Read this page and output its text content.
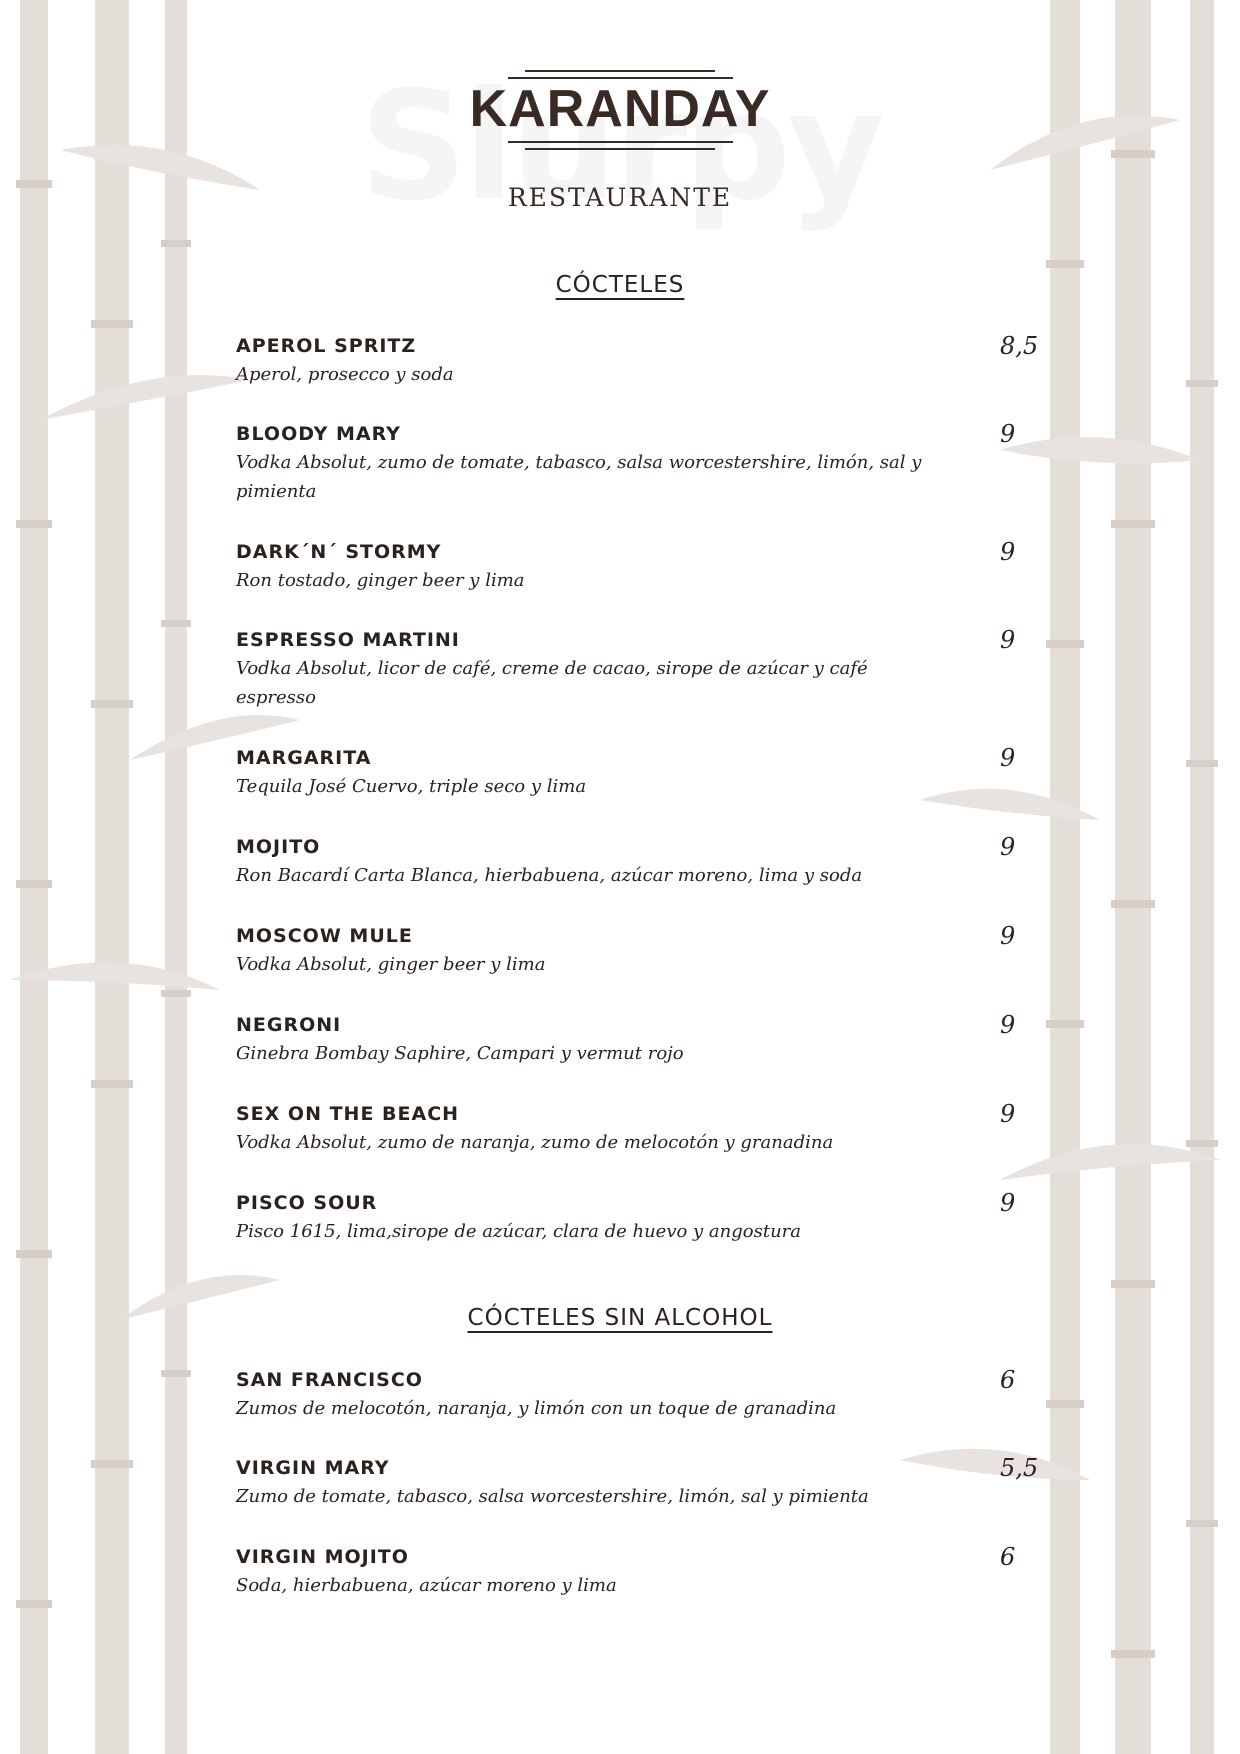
KARANDAY
RESTAURANTE
CÓCTELES
APEROL SPRITZ
Aperol, prosecco y soda
8,5
BLOODY MARY
Vodka Absolut, zumo de tomate, tabasco, salsa worcestershire, limón, sal y pimienta
9
DARK´N´ STORMY
Ron tostado, ginger beer y lima
9
ESPRESSO MARTINI
Vodka Absolut, licor de café, creme de cacao, sirope de azúcar y café espresso
9
MARGARITA
Tequila José Cuervo, triple seco y lima
9
MOJITO
Ron Bacardí Carta Blanca, hierbabuena, azúcar moreno, lima y soda
9
MOSCOW MULE
Vodka Absolut, ginger beer y lima
9
NEGRONI
Ginebra Bombay Saphire, Campari y vermut rojo
9
SEX ON THE BEACH
Vodka Absolut, zumo de naranja, zumo de melocotón y granadina
9
PISCO SOUR
Pisco 1615, lima,sirope de azúcar, clara de huevo y angostura
9
CÓCTELES SIN ALCOHOL
SAN FRANCISCO
Zumos de melocotón, naranja, y limón con un toque de granadina
6
VIRGIN MARY
Zumo de tomate, tabasco, salsa worcestershire, limón, sal y pimienta
5,5
VIRGIN MOJITO
Soda, hierbabuena, azúcar moreno y lima
6
